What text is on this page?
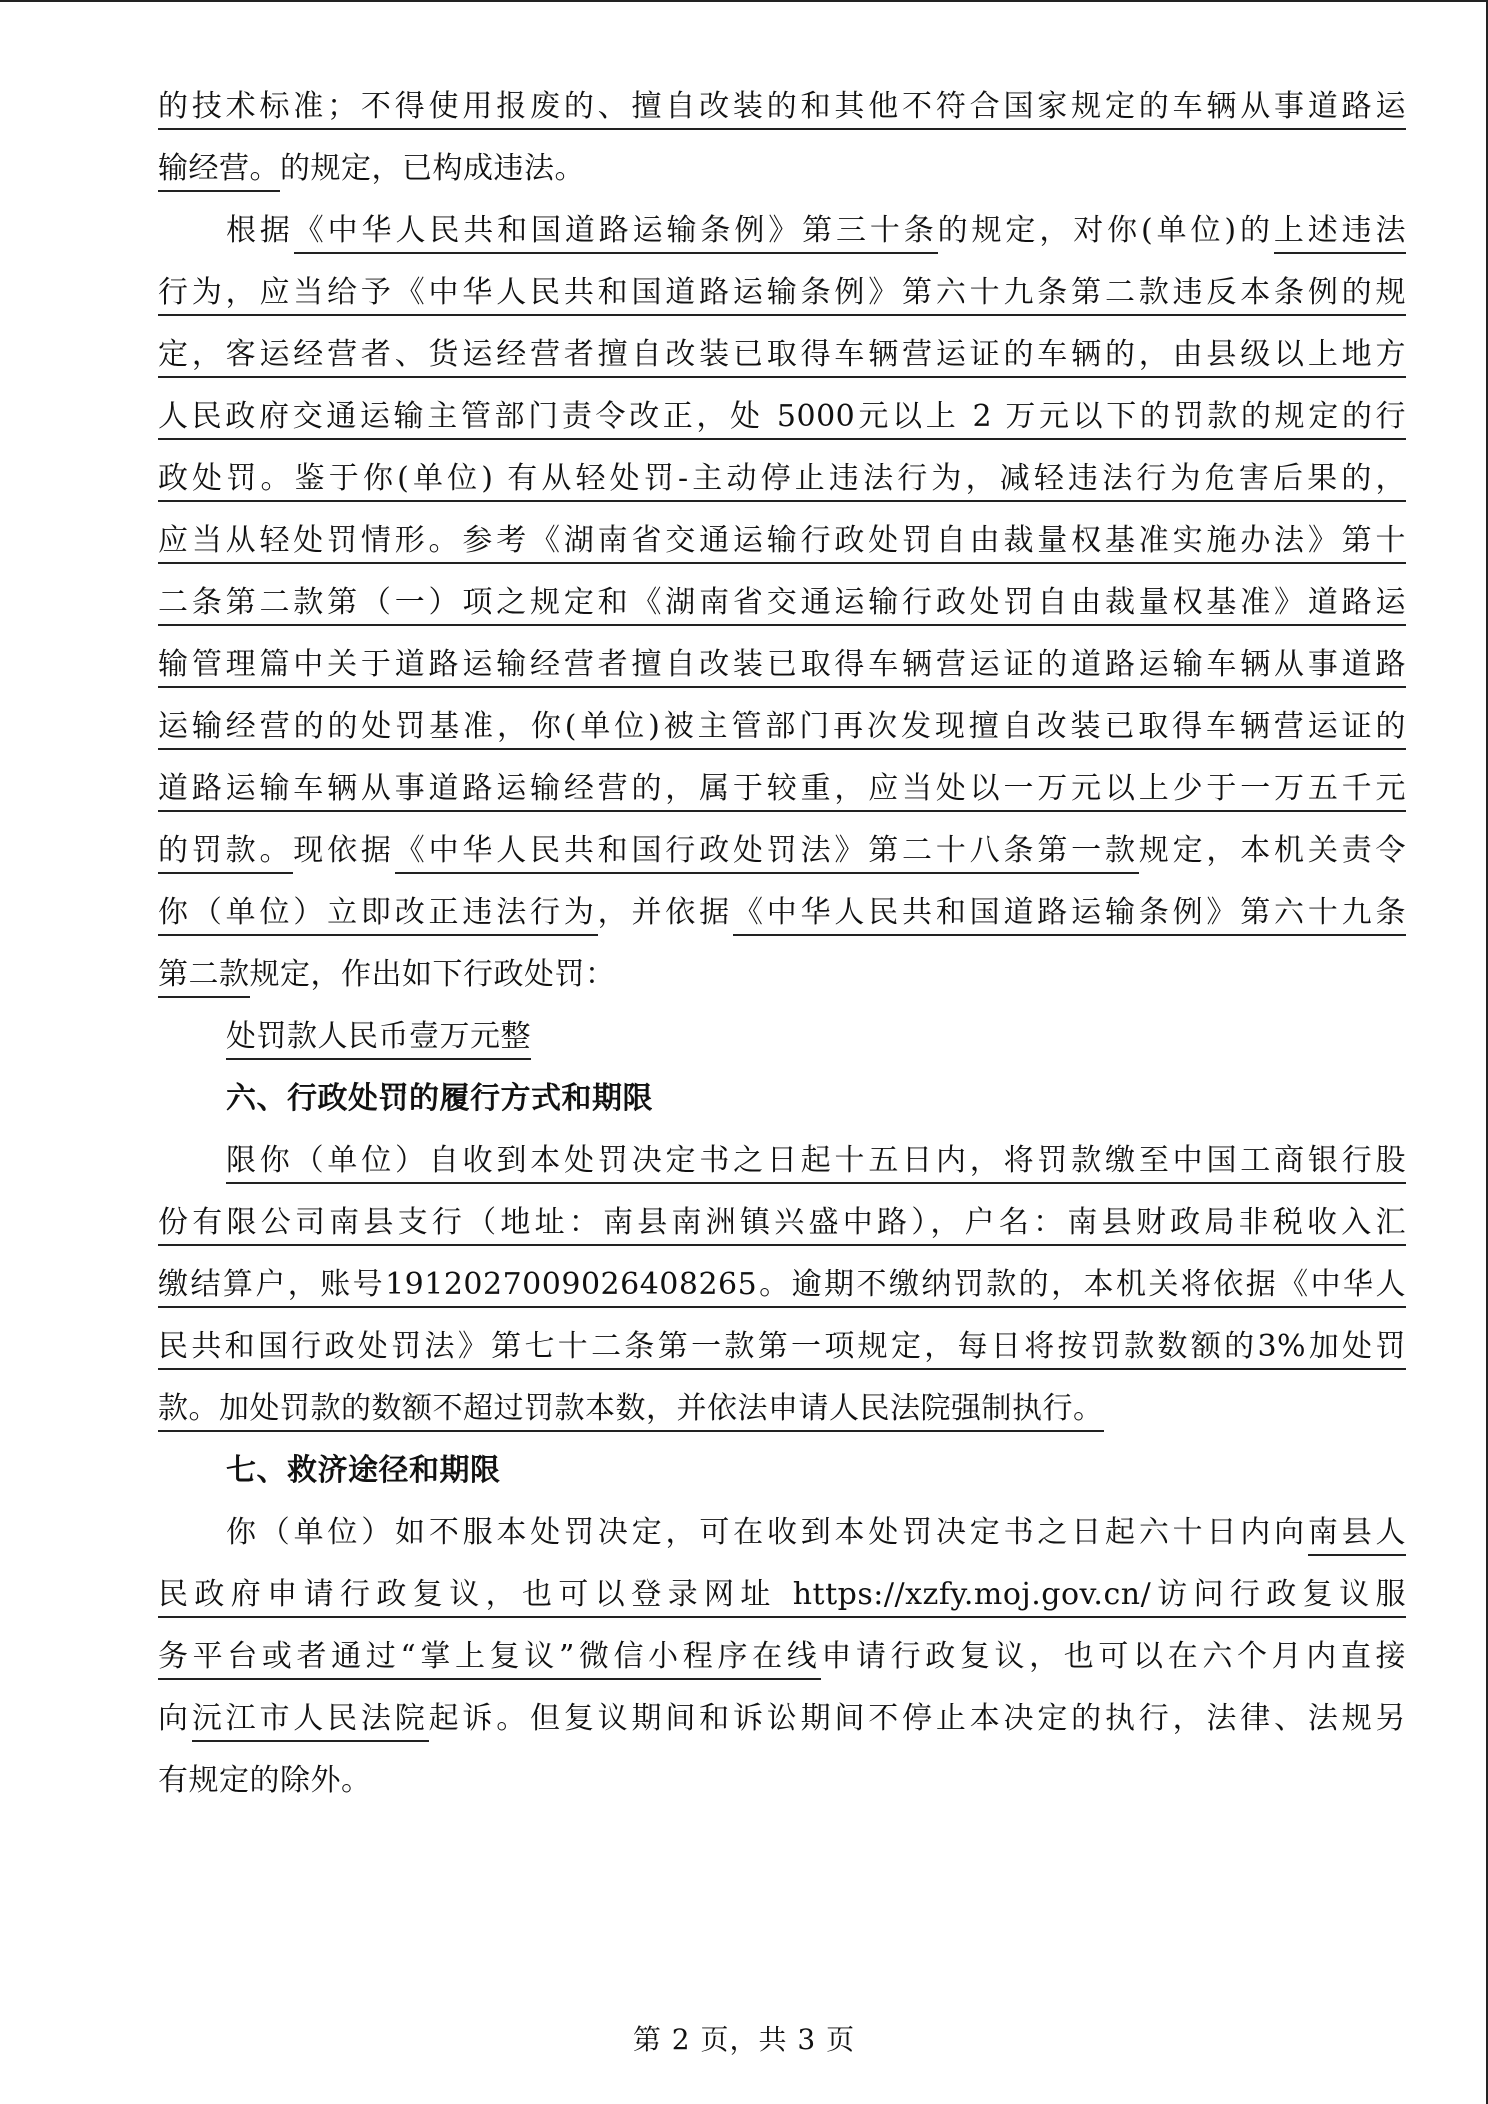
的技术标准；不得使用报废的、擅自改装的和其他不符合国家规定的车辆从事道路运
输经营。的规定，已构成违法。
根据《中华人民共和国道路运输条例》第三十条的规定，对你(单位)的上述违法
行为，应当给予《中华人民共和国道路运输条例》第六十九条第二款违反本条例的规
定，客运经营者、货运经营者擅自改装已取得车辆营运证的车辆的，由县级以上地方
人民政府交通运输主管部门责令改正，处 5000元以上 2 万元以下的罚款的规定的行
政处罚。鉴于你(单位) 有从轻处罚-主动停止违法行为，减轻违法行为危害后果的，
应当从轻处罚情形。参考《湖南省交通运输行政处罚自由裁量权基准实施办法》第十
二条第二款第（一）项之规定和《湖南省交通运输行政处罚自由裁量权基准》道路运
输管理篇中关于道路运输经营者擅自改装已取得车辆营运证的道路运输车辆从事道路
运输经营的的处罚基准，你(单位)被主管部门再次发现擅自改装已取得车辆营运证的
道路运输车辆从事道路运输经营的，属于较重，应当处以一万元以上少于一万五千元
的罚款。现依据《中华人民共和国行政处罚法》第二十八条第一款规定，本机关责令
你（单位）立即改正违法行为，并依据《中华人民共和国道路运输条例》第六十九条
第二款规定，作出如下行政处罚：
处罚款人民币壹万元整
六、行政处罚的履行方式和期限
限你（单位）自收到本处罚决定书之日起十五日内，将罚款缴至中国工商银行股
份有限公司南县支行（地址：南县南洲镇兴盛中路），户名：南县财政局非税收入汇
缴结算户，账号1912027009026408265。逾期不缴纳罚款的，本机关将依据《中华人
民共和国行政处罚法》第七十二条第一款第一项规定，每日将按罚款数额的3%加处罚
款。加处罚款的数额不超过罚款本数，并依法申请人民法院强制执行。
七、救济途径和期限
你（单位）如不服本处罚决定，可在收到本处罚决定书之日起六十日内向南县人
民政府申请行政复议，也可以登录网址 https://xzfy.moj.gov.cn/访问行政复议服
务平台或者通过“掌上复议”微信小程序在线申请行政复议，也可以在六个月内直接
向沅江市人民法院起诉。但复议期间和诉讼期间不停止本决定的执行，法律、法规另
有规定的除外。
第 2 页，共 3 页
